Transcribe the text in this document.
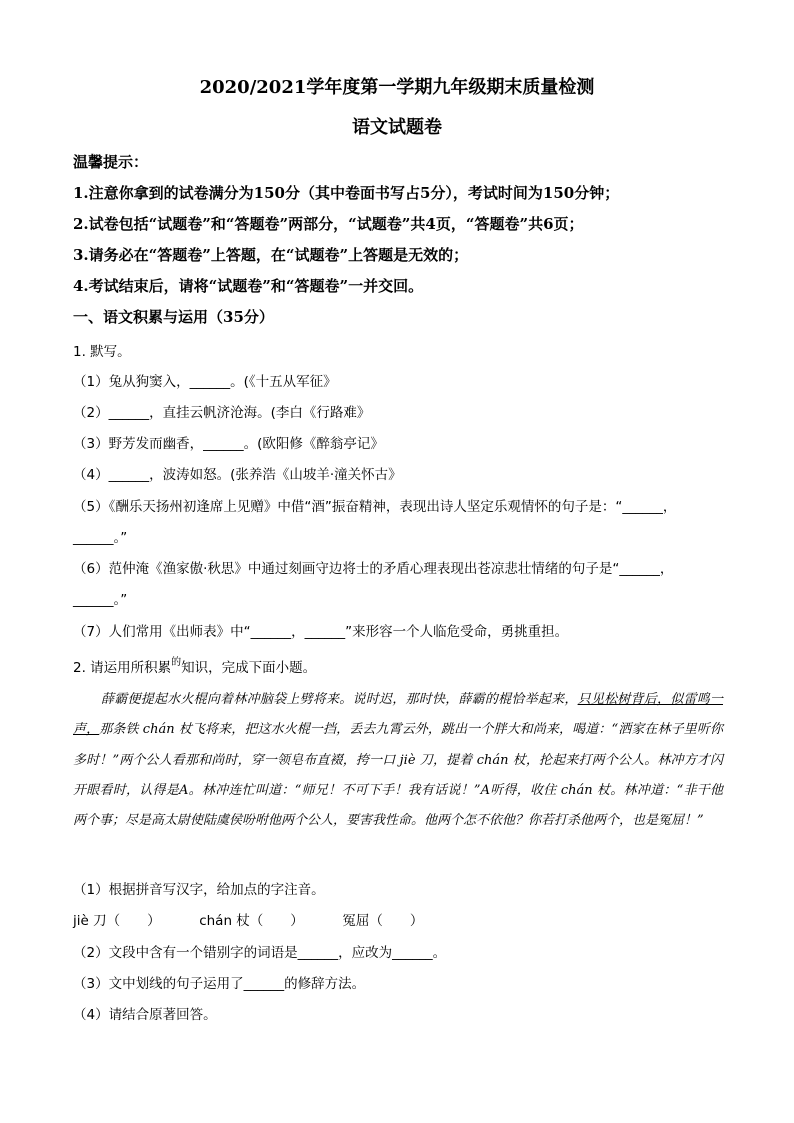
2020/2021学年度第一学期九年级期末质量检测
语文试题卷
温馨提示：
1.注意你拿到的试卷满分为150分（其中卷面书写占5分），考试时间为150分钟；
2.试卷包括“试题卷”和“答题卷”两部分，“试题卷”共4页，“答题卷”共6页；
3.请务必在“答题卷”上答题，在“试题卷”上答题是无效的；
4.考试结束后，请将“试题卷”和“答题卷”一并交回。
一、语文积累与运用（35分）
1. 默写。
（1）兔从狗窦入，______。(《十五从军征》
（2）______，直挂云帆济沧海。(李白《行路难》
（3）野芳发而幽香，______。(欧阳修《醉翁亭记》
（4）______，波涛如怒。(张养浩《山坡羊·潼关怀古》
（5）《酬乐天扬州初逢席上见赠》中借“酒”振奋精神，表现出诗人坚定乐观情怀的句子是：“______，
______。”
（6）范仲淹《渔家傲·秋思》中通过刻画守边将士的矛盾心理表现出苍凉悲壮情绪的句子是“______，
______。”
（7）人们常用《出师表》中“______，______”来形容一个人临危受命，勇挑重担。
2. 请运用所积累$^的$知识，完成下面小题。

薛霸便提起水火棍向着林冲脑袋上劈将来。说时迟，那时快，薛霸的棍恰举起来，只见松树背后，似雷鸣一声，那条铁 chán 杖飞将来，把这水火棍一挡，丢去九霄云外，跳出一个胖大和尚来，喝道：“洒家在林子里听你多时！”两个公人看那和尚时，穿一领皂布直裰，挎一口 jiè 刀，提着 chán 杖，抡起来打两个公人。林冲方才闪开眼看时，认得是A。林冲连忙叫道：“师兄！不可下手！我有话说！”A听得，收住 chán 杖。林冲道：“非干他两个事；尽是高太尉使陆虞侯吩咐他两个公人，要害我性命。他两个怎不依他？你若打杀他两个，也是冤屈！”

（1）根据拼音写汉字，给加点的字注音。
jiè 刀（　　）	chán 杖（　　）	冤屈（　　）
（2）文段中含有一个错别字的词语是______，应改为______。
（3）文中划线的句子运用了______的修辞方法。
（4）请结合原著回答。
